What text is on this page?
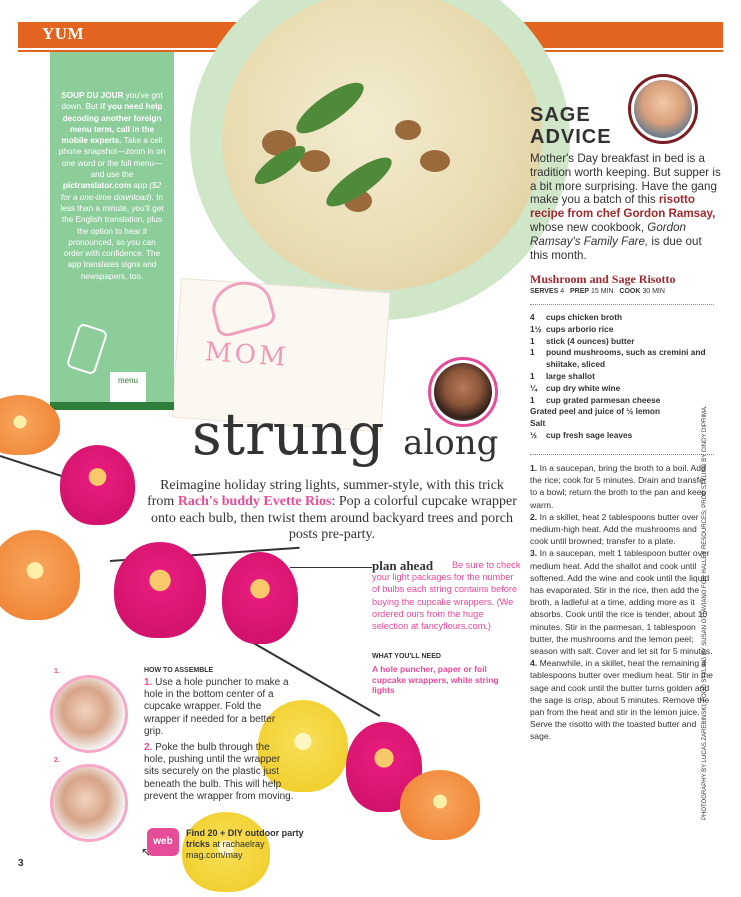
YUM
MOM
SOUP DU JOUR you've got down. But if you need help decoding another foreign menu term, call in the mobile experts. Take a cell phone snapshot—zoom in on one word or the full menu—and use the pictranslator.com app ($2 for a one-time download). In less than a minute, you'll get the English translation, plus the option to hear it pronounced, so you can order with confidence. The app translates signs and newspapers, too.
menu
SAGE
ADVICE
Mother's Day breakfast in bed is a tradition worth keeping. But supper is a bit more surprising. Have the gang make you a batch of this risotto recipe from chef Gordon Ramsay, whose new cookbook, Gordon Ramsay's Family Fare, is due out this month.
Mushroom and Sage Risotto
SERVES 4 PREP 15 MIN COOK 30 MIN
4	cups chicken broth
1½ cups arborio rice
1	stick (4 ounces) butter
1	pound mushrooms, such as cremini and shiitake, sliced
1	large shallot
¼	cup dry white wine
1	cup grated parmesan cheese
Grated peel and juice of ½ lemon
Salt
½	cup fresh sage leaves

1. In a saucepan, bring the broth to a boil. Add the rice; cook for 5 minutes. Drain and transfer to a bowl; return the broth to the pan and keep warm.

2. In a skillet, heat 2 tablespoons butter over medium-high heat. Add the mushrooms and cook until browned; transfer to a plate.

3. In a saucepan, melt 1 tablespoon butter over medium heat. Add the shallot and cook until softened. Add the wine and cook until the liquid has evaporated. Stir in the rice, then add the broth, a ladleful at a time, adding more as it absorbs. Cook until the rice is tender, about 10 minutes. Stir in the parmesan, 1 tablespoon butter, the mushrooms and the lemon peel; season with salt. Cover and let sit for 5 minutes.

4. Meanwhile, in a skillet, heat the remaining 4 tablespoons butter over medium heat. Stir in the sage and cook until the butter turns golden and the sage is crisp, about 5 minutes. Remove the pan from the heat and stir in the lemon juice. Serve the risotto with the toasted butter and sage.	PHOTOGRAPHY BY LUCAS ZAREBINSKI; FOOD STYLING BY SUSAN OTTAVIANO FOR HALLEY RESOURCES; PROP STYLING BY CINDY DIPRIMA.
strung along
Reimagine holiday string lights, summer-style, with this trick from Rach's buddy Evette Rios: Pop a colorful cupcake wrapper onto each bulb, then twist them around backyard trees and porch posts pre-party.
plan ahead	Be sure to check your light packages for the number of bulbs each string contains before buying the cupcake wrappers. (We ordered ours from the huge selection at fancyflours.com.)
WHAT YOU'LL NEED
A hole puncher, paper or foil cupcake wrappers, white string lights
1.
2.
HOW TO ASSEMBLE
1. Use a hole puncher to make a hole in the bottom center of a cupcake wrapper. Fold the wrapper if needed for a better grip.
2. Poke the bulb through the hole, pushing until the wrapper sits securely on the plastic just beneath the bulb. This will help prevent the wrapper from moving.
web
↖
Find 20 + DIY outdoor party tricks at rachaelray mag.com/may
3
